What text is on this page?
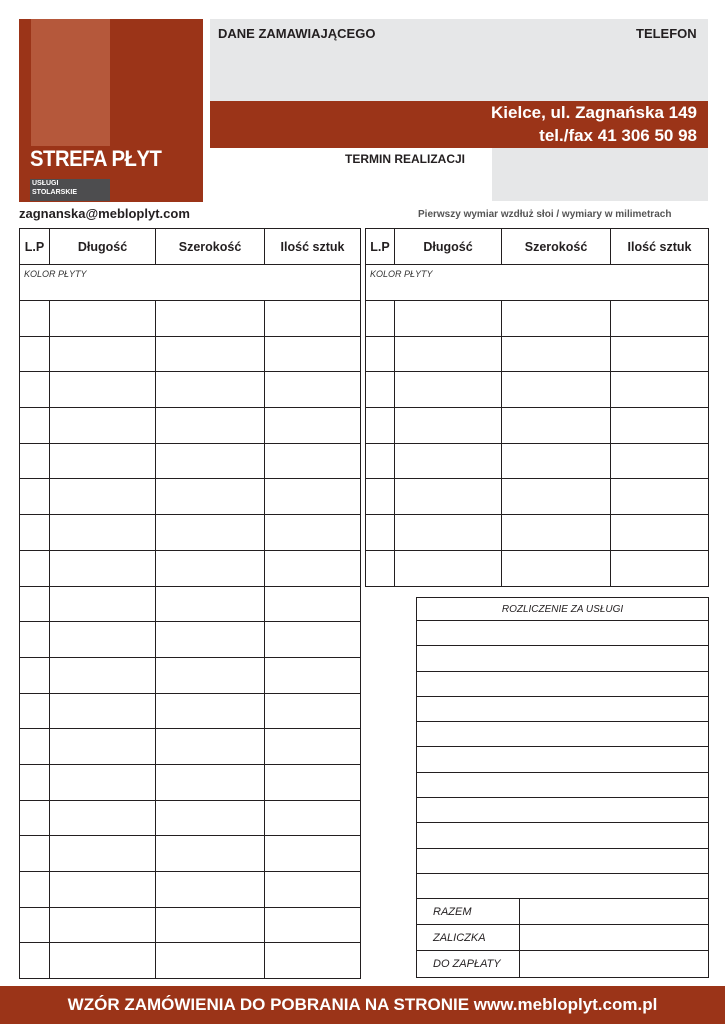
STREFA PŁYT
USŁUGI
STOLARSKIE
DANE ZAMAWIAJĄCEGO	TELEFON
Kielce, ul. Zagnańska 149
tel./fax 41 306 50 98
TERMIN REALIZACJI
zagnanska@mebloplyt.com	Pierwszy wymiar wzdłuż słoi / wymiary w milimetrach
L.P	Długość	Szerokość	Ilość sztuk
KOLOR PŁYTY			

L.P	Długość	Szerokość	Ilość sztuk
KOLOR PŁYTY			

ROZLICZENIE ZA USŁUGI	

RAZEM	
ZALICZKA	
DO ZAPŁATY	
WZÓR ZAMÓWIENIA DO POBRANIA NA STRONIE www.mebloplyt.com.pl
